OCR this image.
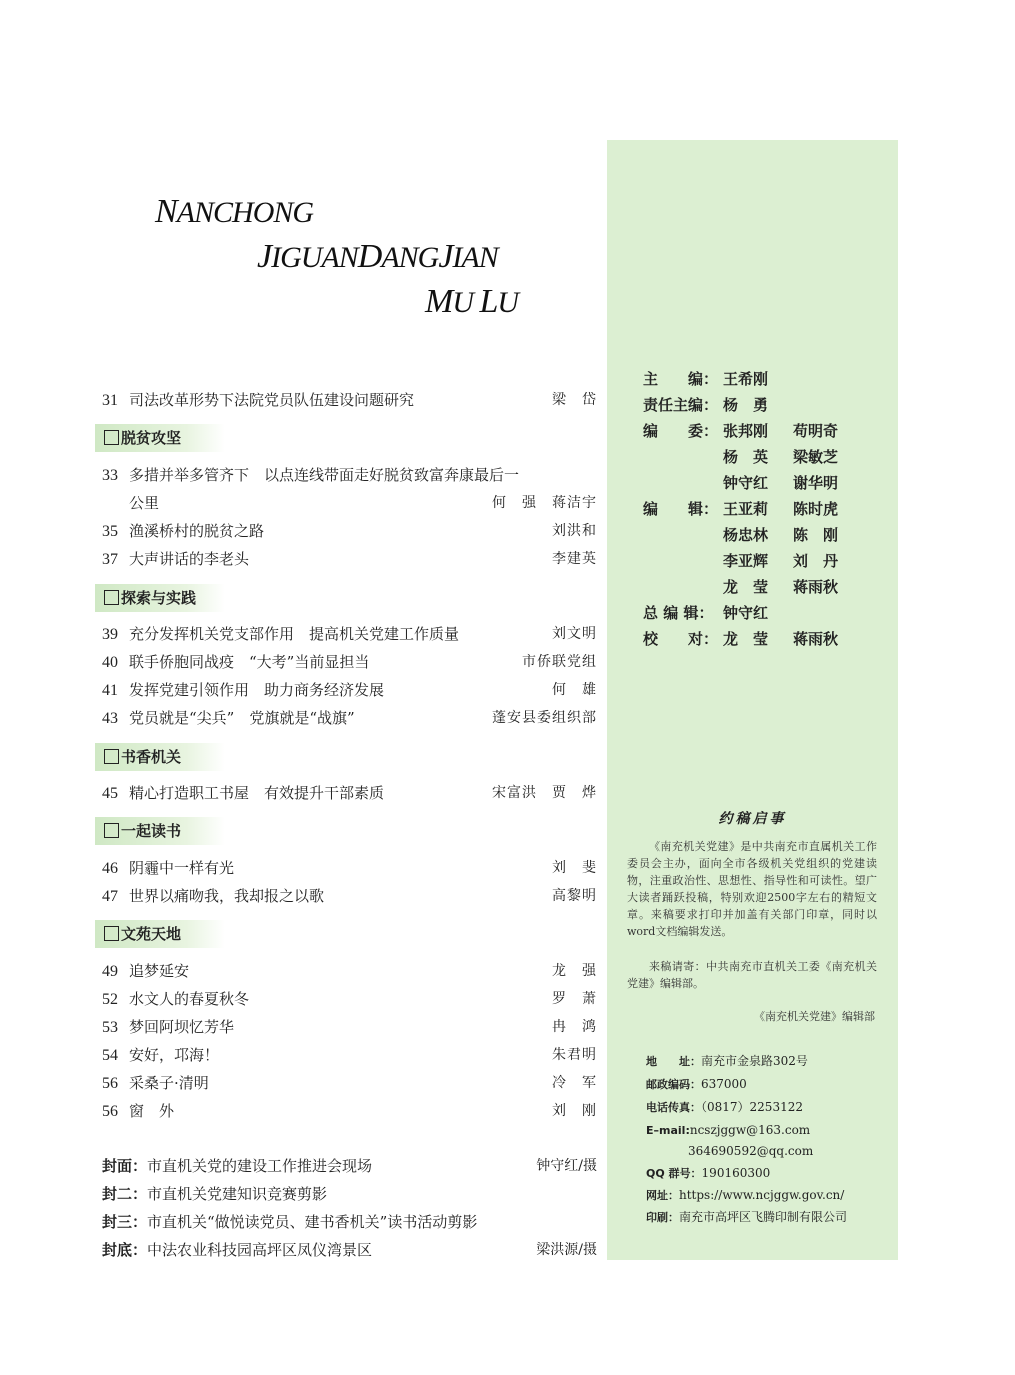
NANCHONG
JIGUANDANGJIAN
MU LU
31 司法改革形势下法院党员队伍建设问题研究	梁　岱
脱贫攻坚
33 多措并举多管齐下　以点连线带面走好脱贫致富奔康最后一
公里	何　强　蒋洁宇
35 渔溪桥村的脱贫之路	刘洪和
37 大声讲话的李老头	李建英
探索与实践
39 充分发挥机关党支部作用　提高机关党建工作质量	刘文明
40 联手侨胞同战疫　“大考”当前显担当	市侨联党组
41 发挥党建引领作用　助力商务经济发展	何　雄
43 党员就是“尖兵”　党旗就是“战旗”	蓬安县委组织部
书香机关
45 精心打造职工书屋　有效提升干部素质	宋富洪　贾　烨
一起读书
46 阴霾中一样有光	刘　斐
47 世界以痛吻我，我却报之以歌	高黎明
文苑天地
49 追梦延安	龙　强
52 水文人的春夏秋冬	罗　萧
53 梦回阿坝忆芳华	冉　鸿
54 安好，邛海！	朱君明
56 采桑子·清明	冷　军
56 窗　外	刘　刚
封面：市直机关党的建设工作推进会现场	钟守红/摄
封二：市直机关党建知识竞赛剪影
封三：市直机关“做悦读党员、建书香机关”读书活动剪影
封底：中法农业科技园高坪区凤仪湾景区	梁洪源/摄
主　　编： 王希刚
责任主编： 杨　勇
编　　委： 张邦刚 苟明奇
杨　英 梁敏芝
钟守红 谢华明
编　　辑： 王亚莉 陈时虎
杨忠林 陈　刚
李亚辉 刘　丹
龙　莹 蒋雨秋
总 编 辑： 钟守红
校　　对： 龙　莹 蒋雨秋
约稿启事
《南充机关党建》是中共南充市直属机关工作委员会主办，面向全市各级机关党组织的党建读物，注重政治性、思想性、指导性和可读性。望广大读者踊跃投稿，特别欢迎2500字左右的精短文章。来稿要求打印并加盖有关部门印章，同时以word文档编辑发送。
来稿请寄：中共南充市直机关工委《南充机关党建》编辑部。
《南充机关党建》编辑部
地　　址：南充市金泉路302号
邮政编码：637000
电话传真：（0817）2253122
E–mail:ncszjggw@163.com
364690592@qq.com
QQ 群号：190160300
网址：https://www.ncjggw.gov.cn/
印刷：南充市高坪区飞腾印制有限公司
